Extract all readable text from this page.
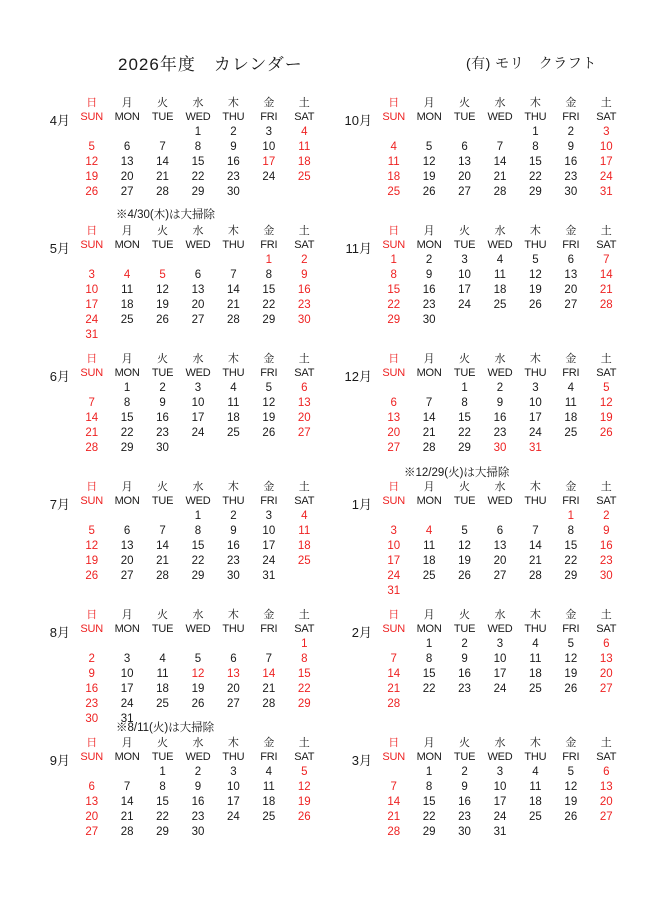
2026年度　カレンダー	(有) モリ　クラフト
4月
日	月	火	水	木	金	土
SUN	MON	TUE	WED	THU	FRI	SAT
			1	2	3	4
5	6	7	8	9	10	11
12	13	14	15	16	17	18
19	20	21	22	23	24	25
26	27	28	29	30		
10月
日	月	火	水	木	金	土
SUN	MON	TUE	WED	THU	FRI	SAT
				1	2	3
4	5	6	7	8	9	10
11	12	13	14	15	16	17
18	19	20	21	22	23	24
25	26	27	28	29	30	31
5月
日	月	火	水	木	金	土
SUN	MON	TUE	WED	THU	FRI	SAT
					1	2
3	4	5	6	7	8	9
10	11	12	13	14	15	16
17	18	19	20	21	22	23
24	25	26	27	28	29	30
31						
11月
日	月	火	水	木	金	土
SUN	MON	TUE	WED	THU	FRI	SAT
1	2	3	4	5	6	7
8	9	10	11	12	13	14
15	16	17	18	19	20	21
22	23	24	25	26	27	28
29	30					
6月
日	月	火	水	木	金	土
SUN	MON	TUE	WED	THU	FRI	SAT
	1	2	3	4	5	6
7	8	9	10	11	12	13
14	15	16	17	18	19	20
21	22	23	24	25	26	27
28	29	30				
12月
日	月	火	水	木	金	土
SUN	MON	TUE	WED	THU	FRI	SAT
		1	2	3	4	5
6	7	8	9	10	11	12
13	14	15	16	17	18	19
20	21	22	23	24	25	26
27	28	29	30	31		
7月
日	月	火	水	木	金	土
SUN	MON	TUE	WED	THU	FRI	SAT
			1	2	3	4
5	6	7	8	9	10	11
12	13	14	15	16	17	18
19	20	21	22	23	24	25
26	27	28	29	30	31	
1月
日	月	火	水	木	金	土
SUN	MON	TUE	WED	THU	FRI	SAT
					1	2
3	4	5	6	7	8	9
10	11	12	13	14	15	16
17	18	19	20	21	22	23
24	25	26	27	28	29	30
31						
8月
日	月	火	水	木	金	土
SUN	MON	TUE	WED	THU	FRI	SAT
						1
2	3	4	5	6	7	8
9	10	11	12	13	14	15
16	17	18	19	20	21	22
23	24	25	26	27	28	29
30	31					
2月
日	月	火	水	木	金	土
SUN	MON	TUE	WED	THU	FRI	SAT
	1	2	3	4	5	6
7	8	9	10	11	12	13
14	15	16	17	18	19	20
21	22	23	24	25	26	27
28						
9月
日	月	火	水	木	金	土
SUN	MON	TUE	WED	THU	FRI	SAT
		1	2	3	4	5
6	7	8	9	10	11	12
13	14	15	16	17	18	19
20	21	22	23	24	25	26
27	28	29	30			
3月
日	月	火	水	木	金	土
SUN	MON	TUE	WED	THU	FRI	SAT
	1	2	3	4	5	6
7	8	9	10	11	12	13
14	15	16	17	18	19	20
21	22	23	24	25	26	27
28	29	30	31			
※4/30(木)は大掃除
※8/11(火)は大掃除
※12/29(火)は大掃除
